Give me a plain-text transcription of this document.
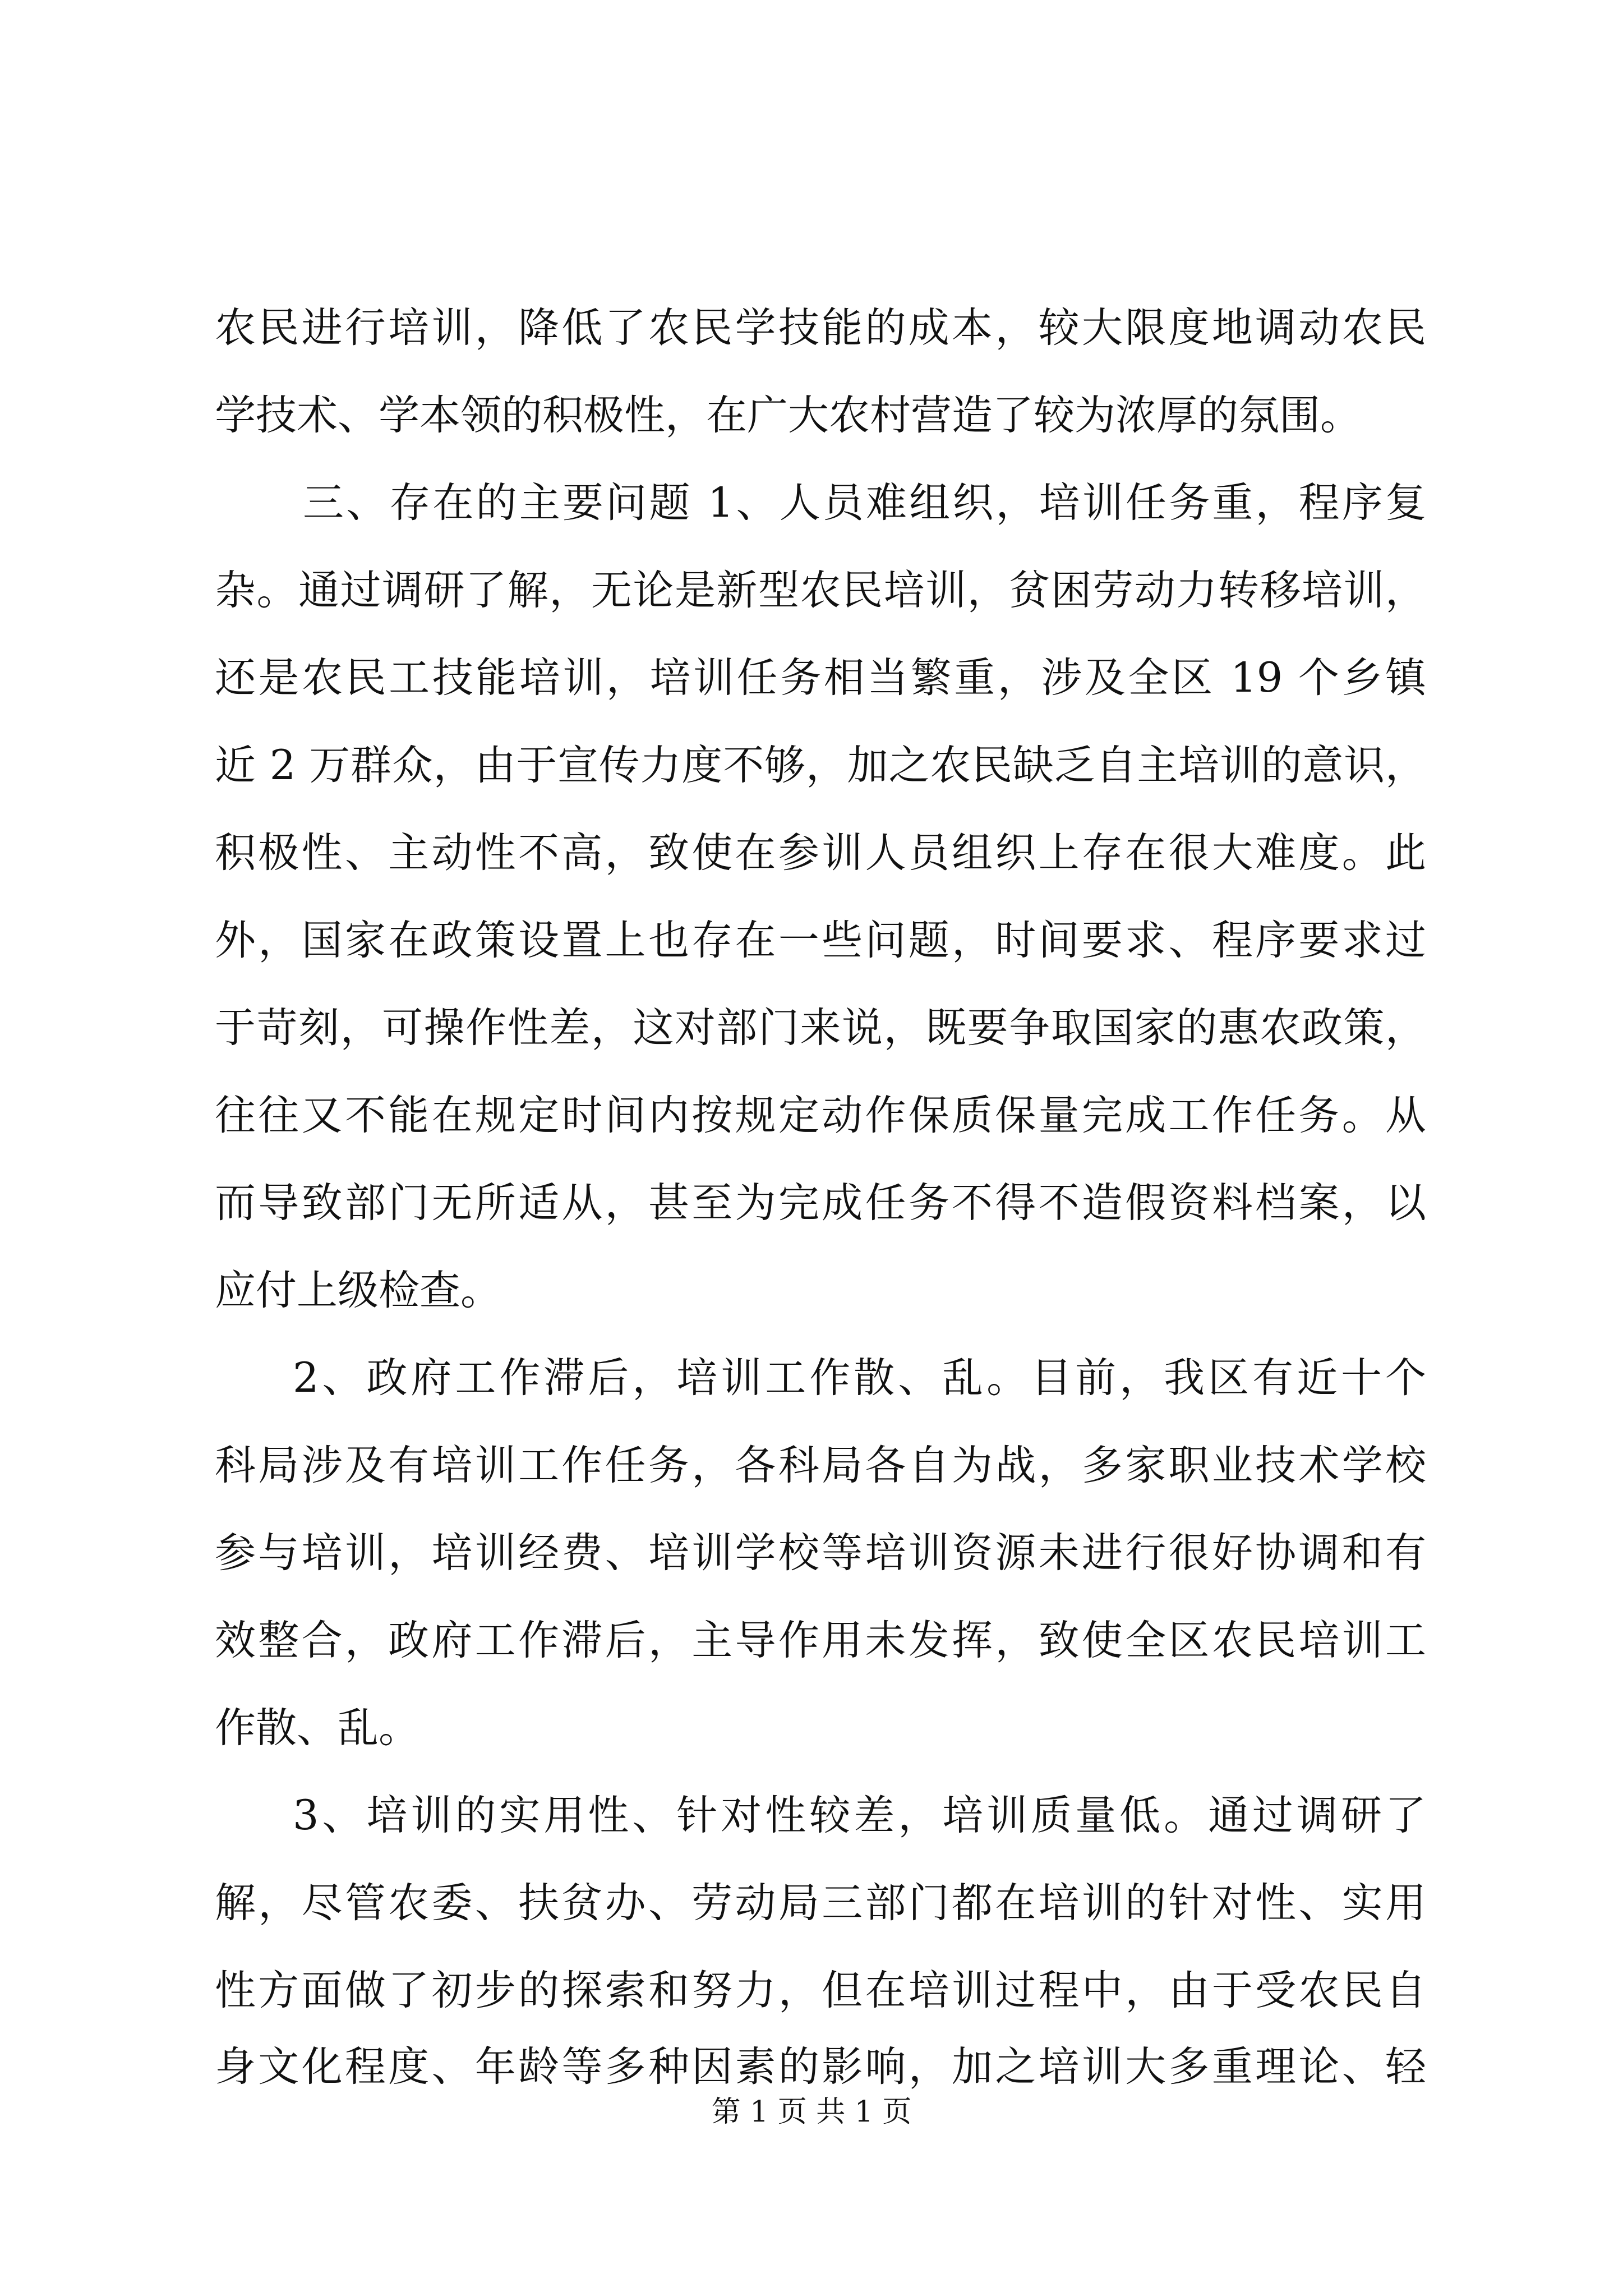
农民进行培训，降低了农民学技能的成本，较大限度地调动农民
学技术、学本领的积极性，在广大农村营造了较为浓厚的氛围。
三、存在的主要问题 1、人员难组织，培训任务重，程序复
杂。通过调研了解，无论是新型农民培训，贫困劳动力转移培训，
还是农民工技能培训，培训任务相当繁重，涉及全区 19 个乡镇
近 2 万群众，由于宣传力度不够，加之农民缺乏自主培训的意识，
积极性、主动性不高，致使在参训人员组织上存在很大难度。此
外，国家在政策设置上也存在一些问题，时间要求、程序要求过
于苛刻，可操作性差，这对部门来说，既要争取国家的惠农政策，
往往又不能在规定时间内按规定动作保质保量完成工作任务。从
而导致部门无所适从，甚至为完成任务不得不造假资料档案，以
应付上级检查。
2、政府工作滞后，培训工作散、乱。目前，我区有近十个
科局涉及有培训工作任务，各科局各自为战，多家职业技术学校
参与培训，培训经费、培训学校等培训资源未进行很好协调和有
效整合，政府工作滞后，主导作用未发挥，致使全区农民培训工
作散、乱。
3、培训的实用性、针对性较差，培训质量低。通过调研了
解，尽管农委、扶贫办、劳动局三部门都在培训的针对性、实用
性方面做了初步的探索和努力，但在培训过程中，由于受农民自
身文化程度、年龄等多种因素的影响，加之培训大多重理论、轻
第 1 页 共 1 页
